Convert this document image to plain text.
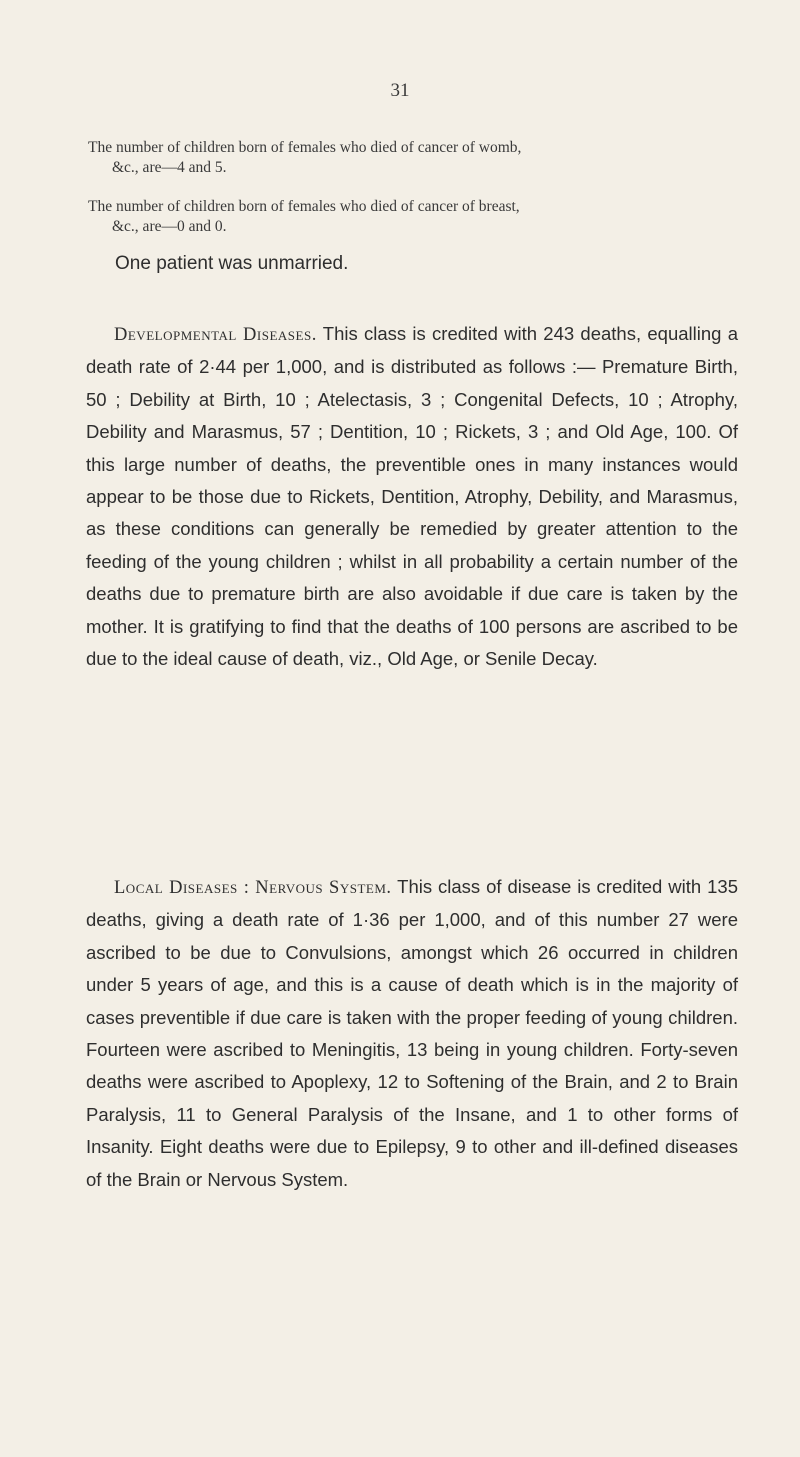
31
The number of children born of females who died of cancer of womb,
&c., are—4 and 5.
The number of children born of females who died of cancer of breast,
&c., are—0 and 0.
One patient was unmarried.
Developmental Diseases. This class is credited with 243 deaths, equalling a death rate of 2·44 per 1,000, and is distributed as follows :— Premature Birth, 50 ; Debility at Birth, 10 ; Atelectasis, 3 ; Congenital Defects, 10 ; Atrophy, Debility and Marasmus, 57 ; Dentition, 10 ; Rickets, 3 ; and Old Age, 100. Of this large number of deaths, the preventible ones in many instances would appear to be those due to Rickets, Dentition, Atrophy, Debility, and Marasmus, as these conditions can generally be remedied by greater attention to the feeding of the young children ; whilst in all probability a certain number of the deaths due to premature birth are also avoidable if due care is taken by the mother. It is gratifying to find that the deaths of 100 persons are ascribed to be due to the ideal cause of death, viz., Old Age, or Senile Decay.
Local Diseases : Nervous System. This class of disease is credited with 135 deaths, giving a death rate of 1·36 per 1,000, and of this number 27 were ascribed to be due to Convulsions, amongst which 26 occurred in children under 5 years of age, and this is a cause of death which is in the majority of cases preventible if due care is taken with the proper feeding of young children. Fourteen were ascribed to Meningitis, 13 being in young children. Forty-seven deaths were ascribed to Apoplexy, 12 to Softening of the Brain, and 2 to Brain Paralysis, 11 to General Paralysis of the Insane, and 1 to other forms of Insanity. Eight deaths were due to Epilepsy, 9 to other and ill-defined diseases of the Brain or Nervous System.
